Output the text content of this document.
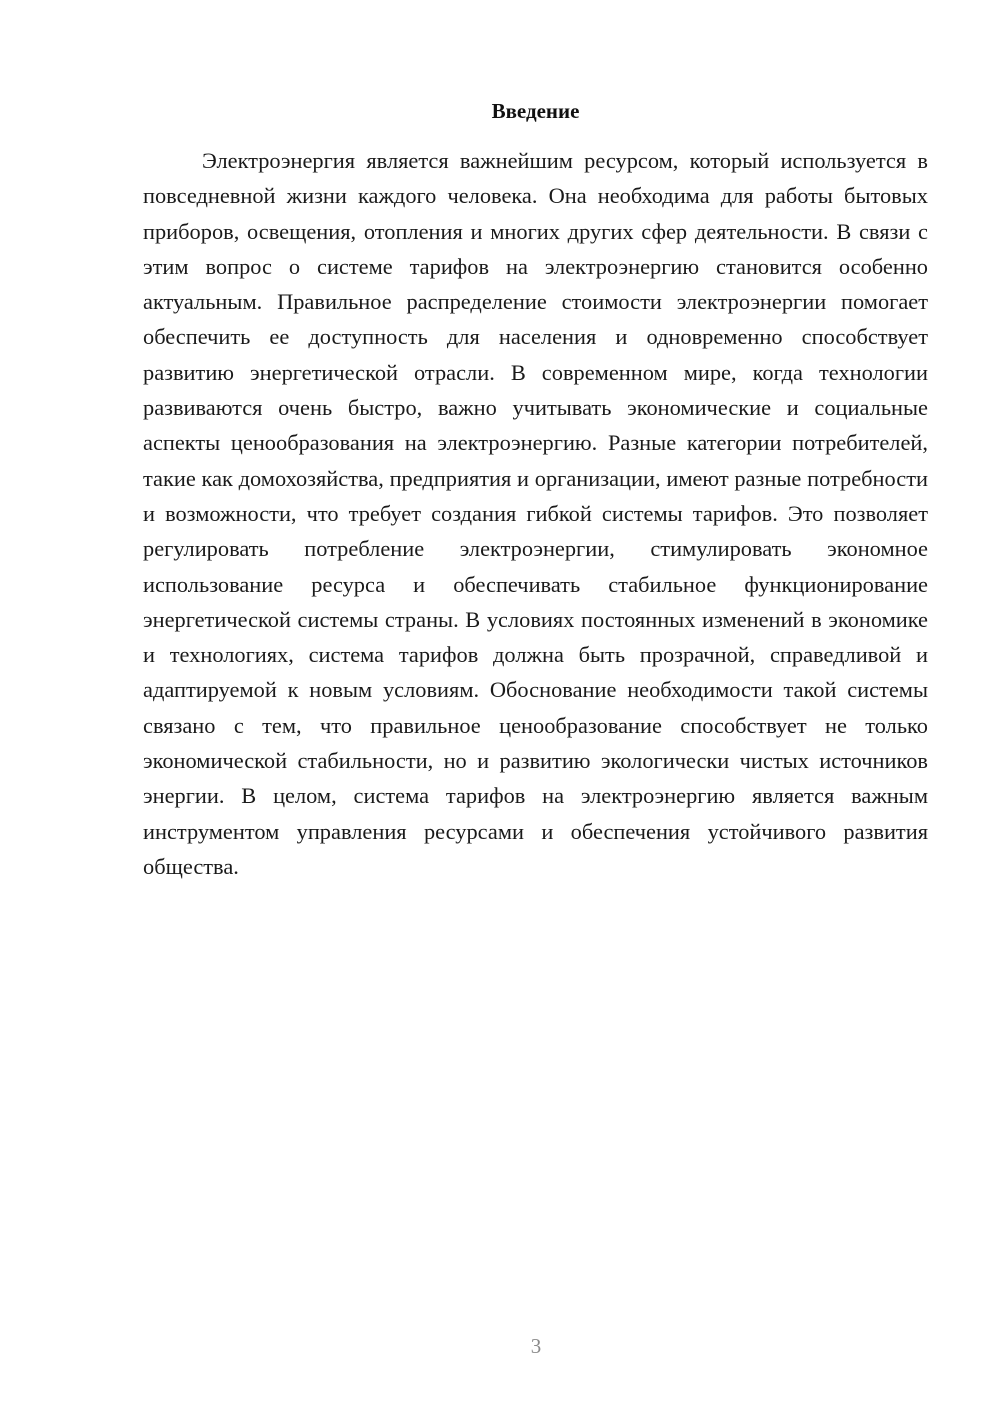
Введение

Электроэнергия является важнейшим ресурсом, который используется в повседневной жизни каждого человека. Она необходима для работы бытовых приборов, освещения, отопления и многих других сфер деятельности. В связи с этим вопрос о системе тарифов на электроэнергию становится особенно актуальным. Правильное распределение стоимости электроэнергии помогает обеспечить ее доступность для населения и одновременно способствует развитию энергетической отрасли. В современном мире, когда технологии развиваются очень быстро, важно учитывать экономические и социальные аспекты ценообразования на электроэнергию. Разные категории потребителей, такие как домохозяйства, предприятия и организации, имеют разные потребности и возможности, что требует создания гибкой системы тарифов. Это позволяет регулировать потребление электроэнергии, стимулировать экономное использование ресурса и обеспечивать стабильное функционирование энергетической системы страны. В условиях постоянных изменений в экономике и технологиях, система тарифов должна быть прозрачной, справедливой и адаптируемой к новым условиям. Обоснование необходимости такой системы связано с тем, что правильное ценообразование способствует не только экономической стабильности, но и развитию экологически чистых источников энергии. В целом, система тарифов на электроэнергию является важным инструментом управления ресурсами и обеспечения устойчивого развития общества.

3
